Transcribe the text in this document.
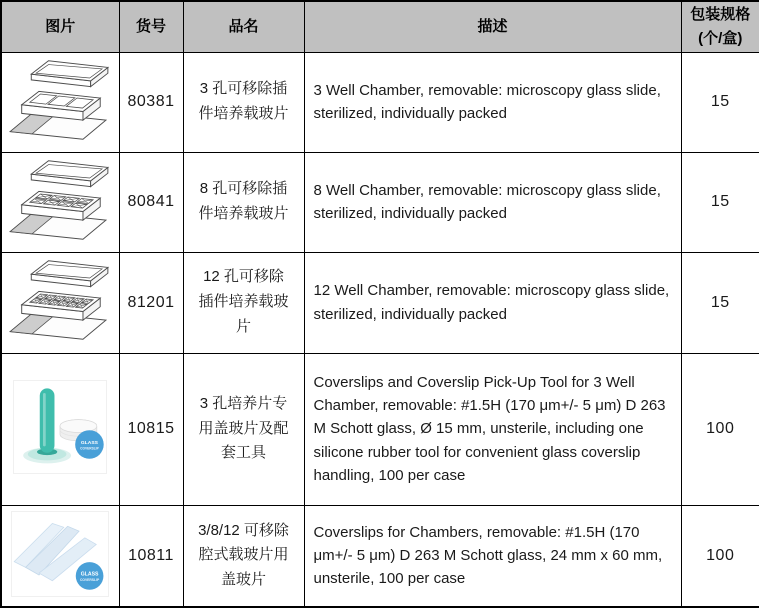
图片	货号	品名	描述	包装规格
(个/盒)

	80381	3 孔可移除插件培养载玻片	3 Well Chamber, removable: microscopy glass slide, sterilized, individually packed	15
	80841	8 孔可移除插件培养载玻片	8 Well Chamber, removable: microscopy glass slide, sterilized, individually packed	15
	81201	12 孔可移除插件培养载玻片	12 Well Chamber, removable: microscopy glass slide, sterilized, individually packed	15

GLASS
COVERSLIP	10815	3 孔培养片专用盖玻片及配套工具	Coverslips and Coverslip Pick-Up Tool for 3 Well Chamber, removable: #1.5H (170 μm+/- 5 μm) D 263 M Schott glass, Ø 15 mm, unsterile, including one silicone rubber tool for convenient glass coverslip handling, 100 per case	100

GLASS
COVERSLIP	10811	3/8/12 可移除腔式载玻片用盖玻片	Coverslips for Chambers, removable: #1.5H (170 μm+/- 5 μm) D 263 M Schott glass, 24 mm x 60 mm, unsterile, 100 per case	100
